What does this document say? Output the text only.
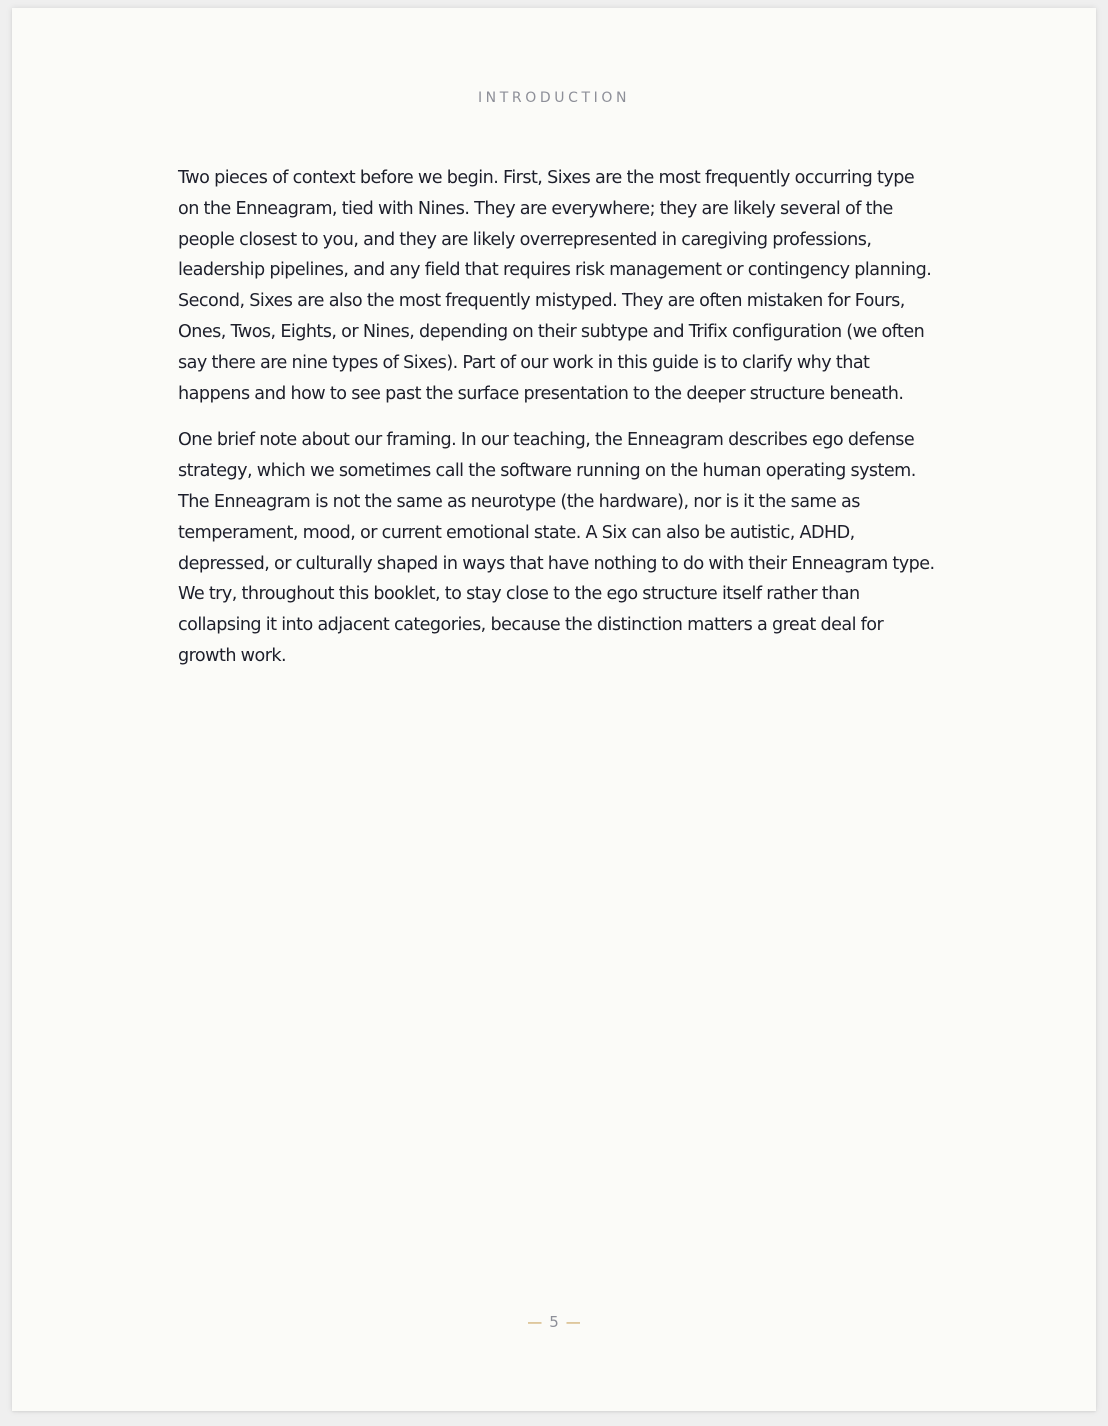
INTRODUCTION

Two pieces of context before we begin. First, Sixes are the most frequently occurring type on the Enneagram, tied with Nines. They are everywhere; they are likely several of the people closest to you, and they are likely overrepresented in caregiving professions, leadership pipelines, and any field that requires risk management or contingency planning. Second, Sixes are also the most frequently mistyped. They are often mistaken for Fours, Ones, Twos, Eights, or Nines, depending on their subtype and Trifix configuration (we often say there are nine types of Sixes). Part of our work in this guide is to clarify why that happens and how to see past the surface presentation to the deeper structure beneath.

One brief note about our framing. In our teaching, the Enneagram describes ego defense strategy, which we sometimes call the software running on the human operating system. The Enneagram is not the same as neurotype (the hardware), nor is it the same as temperament, mood, or current emotional state. A Six can also be autistic, ADHD, depressed, or culturally shaped in ways that have nothing to do with their Enneagram type. We try, throughout this booklet, to stay close to the ego structure itself rather than collapsing it into adjacent categories, because the distinction matters a great deal for growth work.

— 5 —
